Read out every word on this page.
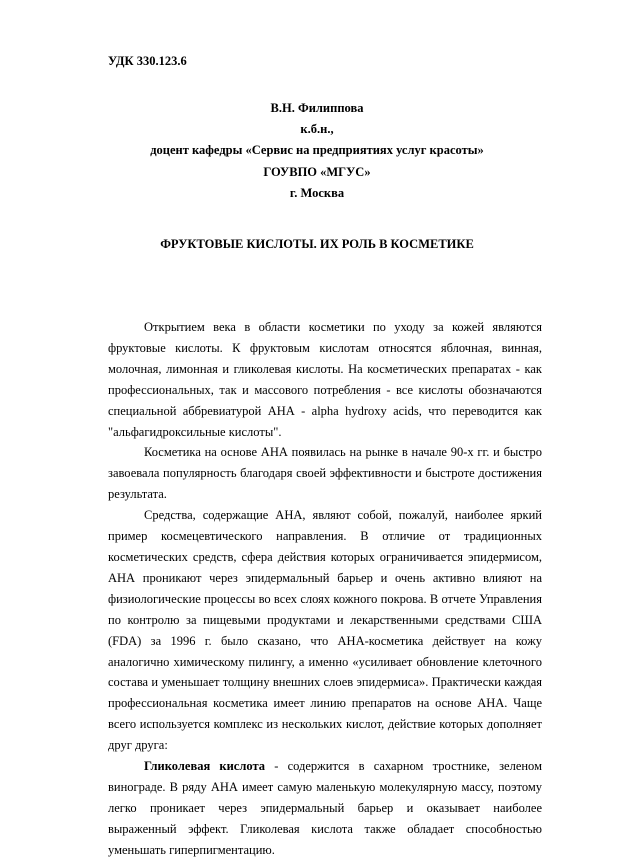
УДК 330.123.6

В.Н. Филиппова
к.б.н.,
доцент кафедры «Сервис на предприятиях услуг красоты»
ГОУВПО «МГУС»
г. Москва
ФРУКТОВЫЕ КИСЛОТЫ. ИХ РОЛЬ В КОСМЕТИКЕ

Открытием века в области косметики по уходу за кожей являются фруктовые кислоты. К фруктовым кислотам относятся яблочная, винная, молочная, лимонная и гликолевая кислоты. На косметических препаратах - как профессиональных, так и массового потребления - все кислоты обозначаются специальной аббревиатурой АНА - alpha hydroxy acids, что переводится как "альфагидроксильные кислоты".

Косметика на основе АНА появилась на рынке в начале 90-х гг. и быстро завоевала популярность благодаря своей эффективности и быстроте достижения результата.

Средства, содержащие АНА, являют собой, пожалуй, наиболее яркий пример космецевтического направления. В отличие от традиционных косметических средств, сфера действия которых ограничивается эпидермисом, АНА проникают через эпидермальный барьер и очень активно влияют на физиологические процессы во всех слоях кожного покрова. В отчете Управления по контролю за пищевыми продуктами и лекарственными средствами США (FDA) за 1996 г. было сказано, что АНА-косметика действует на кожу аналогично химическому пилингу, а именно «усиливает обновление клеточного состава и уменьшает толщину внешних слоев эпидермиса». Практически каждая профессиональная косметика имеет линию препаратов на основе АНА. Чаще всего используется комплекс из нескольких кислот, действие которых дополняет друг друга:

Гликолевая кислота - содержится в сахарном тростнике, зеленом винограде. В ряду АНА имеет самую маленькую молекулярную массу, поэтому легко проникает через эпидермальный барьер и оказывает наиболее выраженный эффект. Гликолевая кислота также обладает способностью уменьшать гиперпигментацию.
